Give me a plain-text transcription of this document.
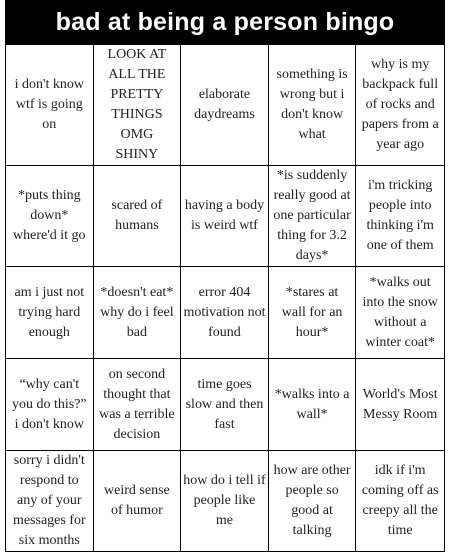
bad at being a person bingo
i don't know
wtf is going
on
LOOK AT
ALL THE
PRETTY
THINGS
OMG
SHINY
elaborate
daydreams
something is
wrong but i
don't know
what
why is my
backpack full
of rocks and
papers from a
year ago
*puts thing
down*
where'd it go
scared of
humans
having a body
is weird wtf
*is suddenly
really good at
one particular
thing for 3.2
days*
i'm tricking
people into
thinking i'm
one of them
am i just not
trying hard
enough
*doesn't eat*
why do i feel
bad
error 404
motivation not
found
*stares at
wall for an
hour*
*walks out
into the snow
without a
winter coat*
“why can't
you do this?”
i don't know
on second
thought that
was a terrible
decision
time goes
slow and then
fast
*walks into a
wall*
World's Most
Messy Room
sorry i didn't
respond to
any of your
messages for
six months
weird sense
of humor
how do i tell if
people like
me
how are other
people so
good at
talking
idk if i'm
coming off as
creepy all the
time
